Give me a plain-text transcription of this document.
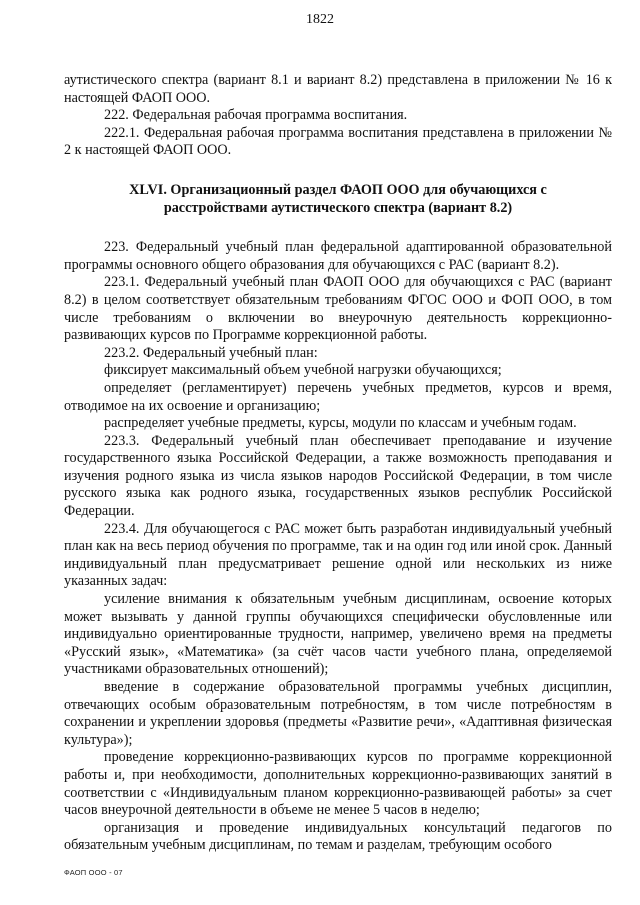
1822

аутистического спектра (вариант 8.1 и вариант 8.2) представлена в приложении № 16 к настоящей ФАОП ООО.

222. Федеральная рабочая программа воспитания.

222.1. Федеральная рабочая программа воспитания представлена в приложении № 2 к настоящей ФАОП ООО.

XLVI. Организационный раздел ФАОП ООО для обучающихся с расстройствами аутистического спектра (вариант 8.2)

223. Федеральный учебный план федеральной адаптированной образовательной программы основного общего образования для обучающихся с РАС (вариант 8.2).

223.1. Федеральный учебный план ФАОП ООО для обучающихся с РАС (вариант 8.2) в целом соответствует обязательным требованиям ФГОС ООО и ФОП ООО, в том числе требованиям о включении во внеурочную деятельность коррекционно-развивающих курсов по Программе коррекционной работы.

223.2. Федеральный учебный план:

фиксирует максимальный объем учебной нагрузки обучающихся;

определяет (регламентирует) перечень учебных предметов, курсов и время, отводимое на их освоение и организацию;

распределяет учебные предметы, курсы, модули по классам и учебным годам.

223.3. Федеральный учебный план обеспечивает преподавание и изучение государственного языка Российской Федерации, а также возможность преподавания и изучения родного языка из числа языков народов Российской Федерации, в том числе русского языка как родного языка, государственных языков республик Российской Федерации.

223.4. Для обучающегося с РАС может быть разработан индивидуальный учебный план как на весь период обучения по программе, так и на один год или иной срок. Данный индивидуальный план предусматривает решение одной или нескольких из ниже указанных задач:

усиление внимания к обязательным учебным дисциплинам, освоение которых может вызывать у данной группы обучающихся специфически обусловленные или индивидуально ориентированные трудности, например, увеличено время на предметы «Русский язык», «Математика» (за счёт часов части учебного плана, определяемой участниками образовательных отношений);

введение в содержание образовательной программы учебных дисциплин, отвечающих особым образовательным потребностям, в том числе потребностям в сохранении и укреплении здоровья (предметы «Развитие речи», «Адаптивная физическая культура»);

проведение коррекционно-развивающих курсов по программе коррекционной работы и, при необходимости, дополнительных коррекционно-развивающих занятий в соответствии с «Индивидуальным планом коррекционно-развивающей работы» за счет часов внеурочной деятельности в объеме не менее 5 часов в неделю;

организация и проведение индивидуальных консультаций педагогов по обязательным учебным дисциплинам, по темам и разделам, требующим особого

ФАОП ООО - 07
